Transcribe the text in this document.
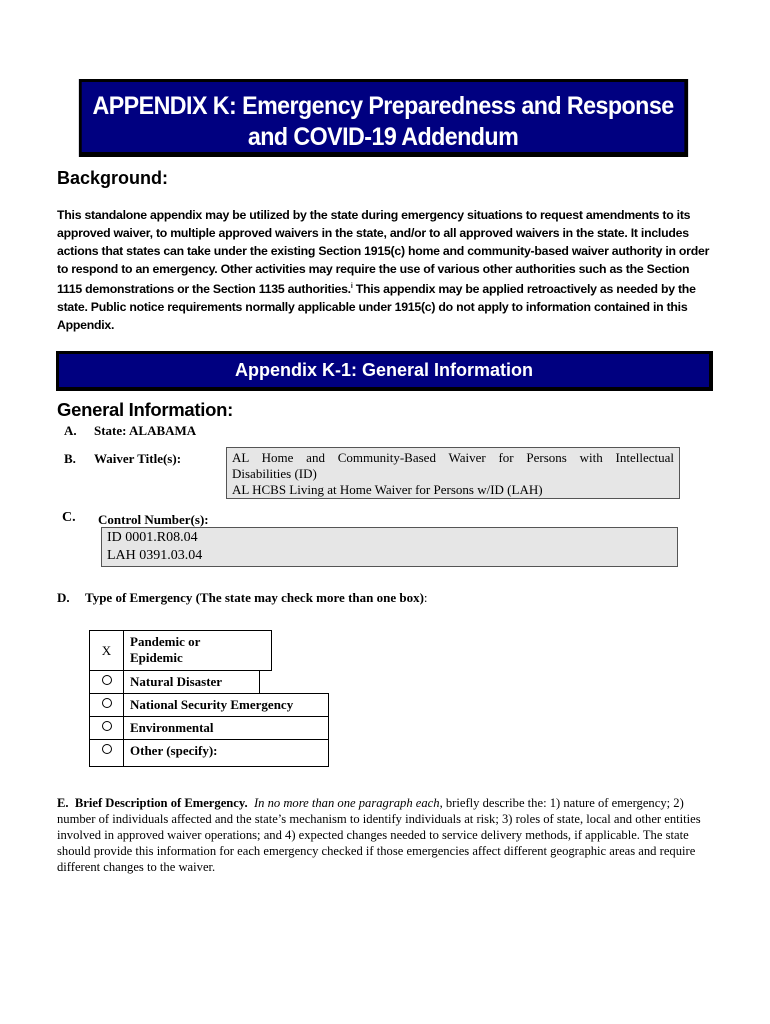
APPENDIX K: Emergency Preparedness and Response
and COVID-19 Addendum
Background:
This standalone appendix may be utilized by the state during emergency situations to request amendments to its approved waiver, to multiple approved waivers in the state, and/or to all approved waivers in the state. It includes actions that states can take under the existing Section 1915(c) home and community-based waiver authority in order to respond to an emergency. Other activities may require the use of various other authorities such as the Section 1115 demonstrations or the Section 1135 authorities.$^i$ This appendix may be applied retroactively as needed by the state. Public notice requirements normally applicable under 1915(c) do not apply to information contained in this Appendix.
Appendix K-1: General Information
General Information:
A. State: ALABAMA
B. Waiver Title(s):	AL Home and Community-Based Waiver for Persons with Intellectual
Disabilities (ID)
AL HCBS Living at Home Waiver for Persons w/ID (LAH)
C. Control Number(s):
ID 0001.R08.04
LAH 0391.03.04
D. Type of Emergency (The state may check more than one box):
X
Pandemic or
Epidemic
Natural Disaster
National Security Emergency
Environmental
Other (specify):
E. Brief Description of Emergency. In no more than one paragraph each, briefly describe the: 1) nature of emergency; 2) number of individuals affected and the state’s mechanism to identify individuals at risk; 3) roles of state, local and other entities involved in approved waiver operations; and 4) expected changes needed to service delivery methods, if applicable. The state should provide this information for each emergency checked if those emergencies affect different geographic areas and require different changes to the waiver.
